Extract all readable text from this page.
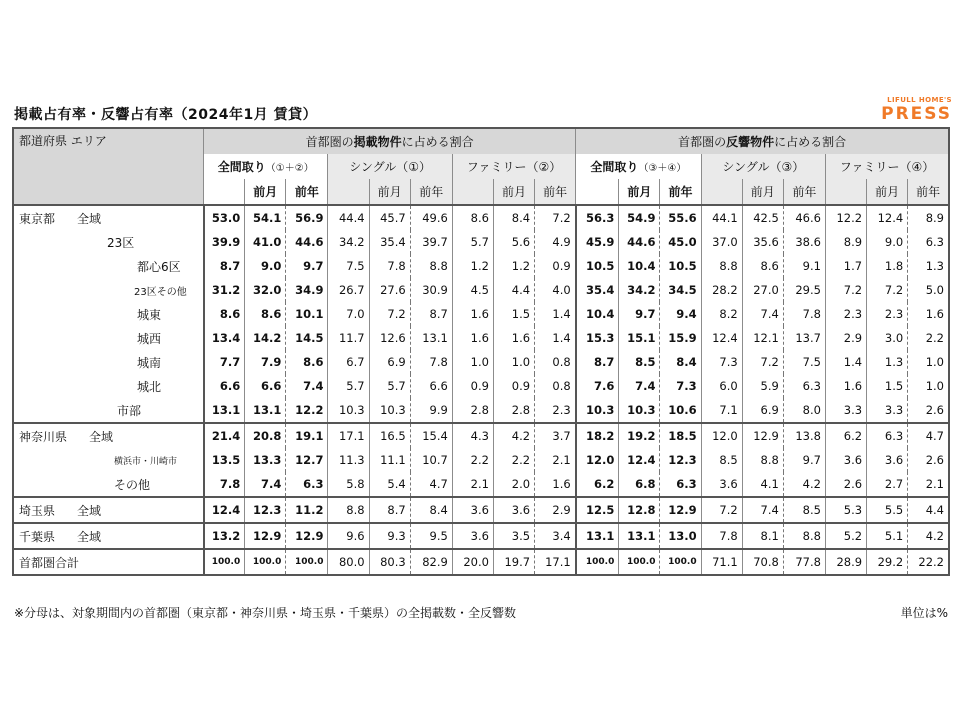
掲載占有率・反響占有率（2024年1月 賃貸）
LIFULL HOME'S
PRESS
都道府県 エリア	首都圏の掲載物件に占める割合									首都圏の反響物件に占める割合								
	全間取り（①＋②）			シングル（①）			ファミリー（②）			全間取り（③＋④）			シングル（③）			ファミリー（④）		
		前月	前年		前月	前年		前月	前年		前月	前年		前月	前年		前月	前年
東京都 全域	53.0	54.1	56.9	44.4	45.7	49.6	8.6	8.4	7.2	56.3	54.9	55.6	44.1	42.5	46.6	12.2	12.4	8.9
23区	39.9	41.0	44.6	34.2	35.4	39.7	5.7	5.6	4.9	45.9	44.6	45.0	37.0	35.6	38.6	8.9	9.0	6.3
都心6区	8.7	9.0	9.7	7.5	7.8	8.8	1.2	1.2	0.9	10.5	10.4	10.5	8.8	8.6	9.1	1.7	1.8	1.3
23区その他	31.2	32.0	34.9	26.7	27.6	30.9	4.5	4.4	4.0	35.4	34.2	34.5	28.2	27.0	29.5	7.2	7.2	5.0
城東	8.6	8.6	10.1	7.0	7.2	8.7	1.6	1.5	1.4	10.4	9.7	9.4	8.2	7.4	7.8	2.3	2.3	1.6
城西	13.4	14.2	14.5	11.7	12.6	13.1	1.6	1.6	1.4	15.3	15.1	15.9	12.4	12.1	13.7	2.9	3.0	2.2
城南	7.7	7.9	8.6	6.7	6.9	7.8	1.0	1.0	0.8	8.7	8.5	8.4	7.3	7.2	7.5	1.4	1.3	1.0
城北	6.6	6.6	7.4	5.7	5.7	6.6	0.9	0.9	0.8	7.6	7.4	7.3	6.0	5.9	6.3	1.6	1.5	1.0
市部	13.1	13.1	12.2	10.3	10.3	9.9	2.8	2.8	2.3	10.3	10.3	10.6	7.1	6.9	8.0	3.3	3.3	2.6
神奈川県 全域	21.4	20.8	19.1	17.1	16.5	15.4	4.3	4.2	3.7	18.2	19.2	18.5	12.0	12.9	13.8	6.2	6.3	4.7
横浜市・川崎市	13.5	13.3	12.7	11.3	11.1	10.7	2.2	2.2	2.1	12.0	12.4	12.3	8.5	8.8	9.7	3.6	3.6	2.6
その他	7.8	7.4	6.3	5.8	5.4	4.7	2.1	2.0	1.6	6.2	6.8	6.3	3.6	4.1	4.2	2.6	2.7	2.1
埼玉県 全域	12.4	12.3	11.2	8.8	8.7	8.4	3.6	3.6	2.9	12.5	12.8	12.9	7.2	7.4	8.5	5.3	5.5	4.4
千葉県 全域	13.2	12.9	12.9	9.6	9.3	9.5	3.6	3.5	3.4	13.1	13.1	13.0	7.8	8.1	8.8	5.2	5.1	4.2
首都圏合計	100.0	100.0	100.0	80.0	80.3	82.9	20.0	19.7	17.1	100.0	100.0	100.0	71.1	70.8	77.8	28.9	29.2	22.2
※分母は、対象期間内の首都圏（東京都・神奈川県・埼玉県・千葉県）の全掲載数・全反響数	単位は%
